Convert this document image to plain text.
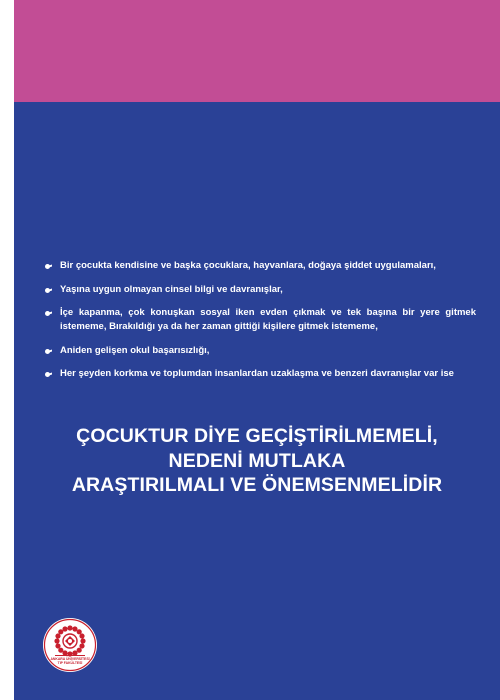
Bir çocukta kendisine ve başka çocuklara, hayvanlara, doğaya şiddet uygulamaları,
Yaşına uygun olmayan cinsel bilgi ve davranışlar,
İçe kapanma, çok konuşkan sosyal iken evden çıkmak ve tek başına bir yere gitmek istememe, Bırakıldığı ya da her zaman gittiği kişilere gitmek istememe,
Aniden gelişen okul başarısızlığı,
Her şeyden korkma ve toplumdan insanlardan uzaklaşma ve benzeri davranışlar var ise
ÇOCUKTUR DİYE GEÇİŞTİRİLMEMELİ,
NEDENİ MUTLAKA
ARAŞTIRILMALI VE ÖNEMSENMELİDİR
ANKARA ÜNİVERSİTESİ
TIP FAKÜLTESİ
